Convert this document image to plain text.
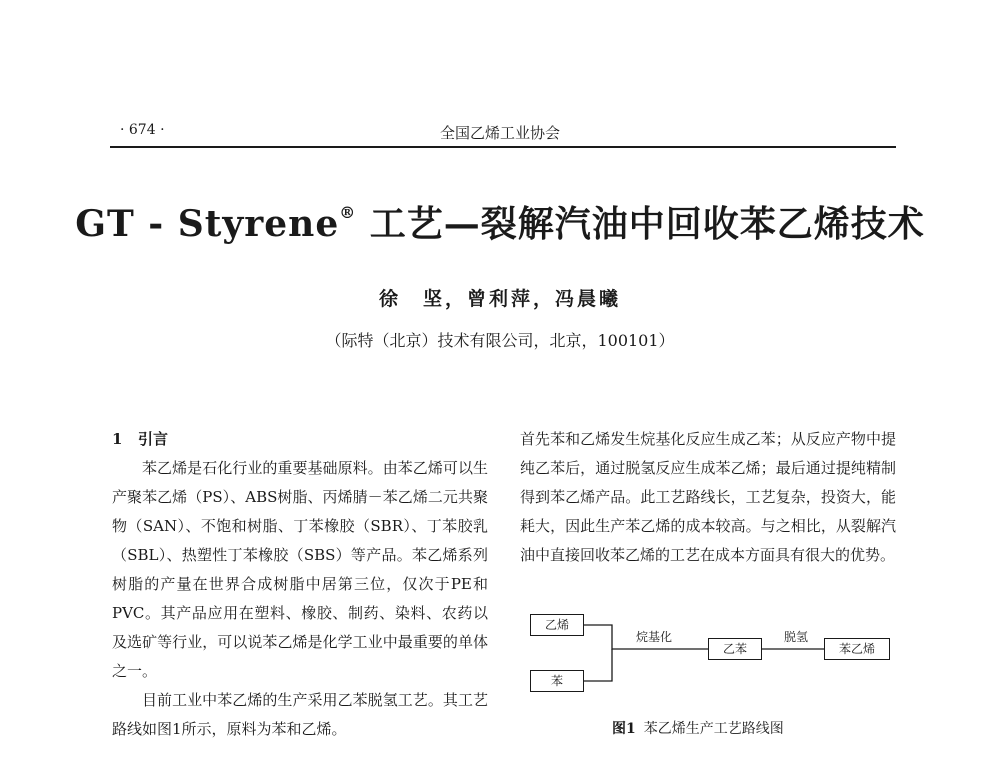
· 674 ·	全国乙烯工业协会
GT - Styrene® 工艺—裂解汽油中回收苯乙烯技术
徐　坚，曾利萍，冯晨曦
（际特（北京）技术有限公司，北京，100101）
1 引言

苯乙烯是石化行业的重要基础原料。由苯乙烯可以生产聚苯乙烯（PS）、ABS树脂、丙烯腈－苯乙烯二元共聚物（SAN）、不饱和树脂、丁苯橡胶（SBR）、丁苯胶乳（SBL）、热塑性丁苯橡胶（SBS）等产品。苯乙烯系列树脂的产量在世界合成树脂中居第三位，仅次于PE和PVC。其产品应用在塑料、橡胶、制药、染料、农药以及选矿等行业，可以说苯乙烯是化学工业中最重要的单体之一。

目前工业中苯乙烯的生产采用乙苯脱氢工艺。其工艺路线如图1所示，原料为苯和乙烯。

首先苯和乙烯发生烷基化反应生成乙苯；从反应产物中提纯乙苯后，通过脱氢反应生成苯乙烯；最后通过提纯精制得到苯乙烯产品。此工艺路线长，工艺复杂，投资大，能耗大，因此生产苯乙烯的成本较高。与之相比，从裂解汽油中直接回收苯乙烯的工艺在成本方面具有很大的优势。

乙烯
苯
烷基化
乙苯
脱氢
苯乙烯
图1 苯乙烯生产工艺路线图
